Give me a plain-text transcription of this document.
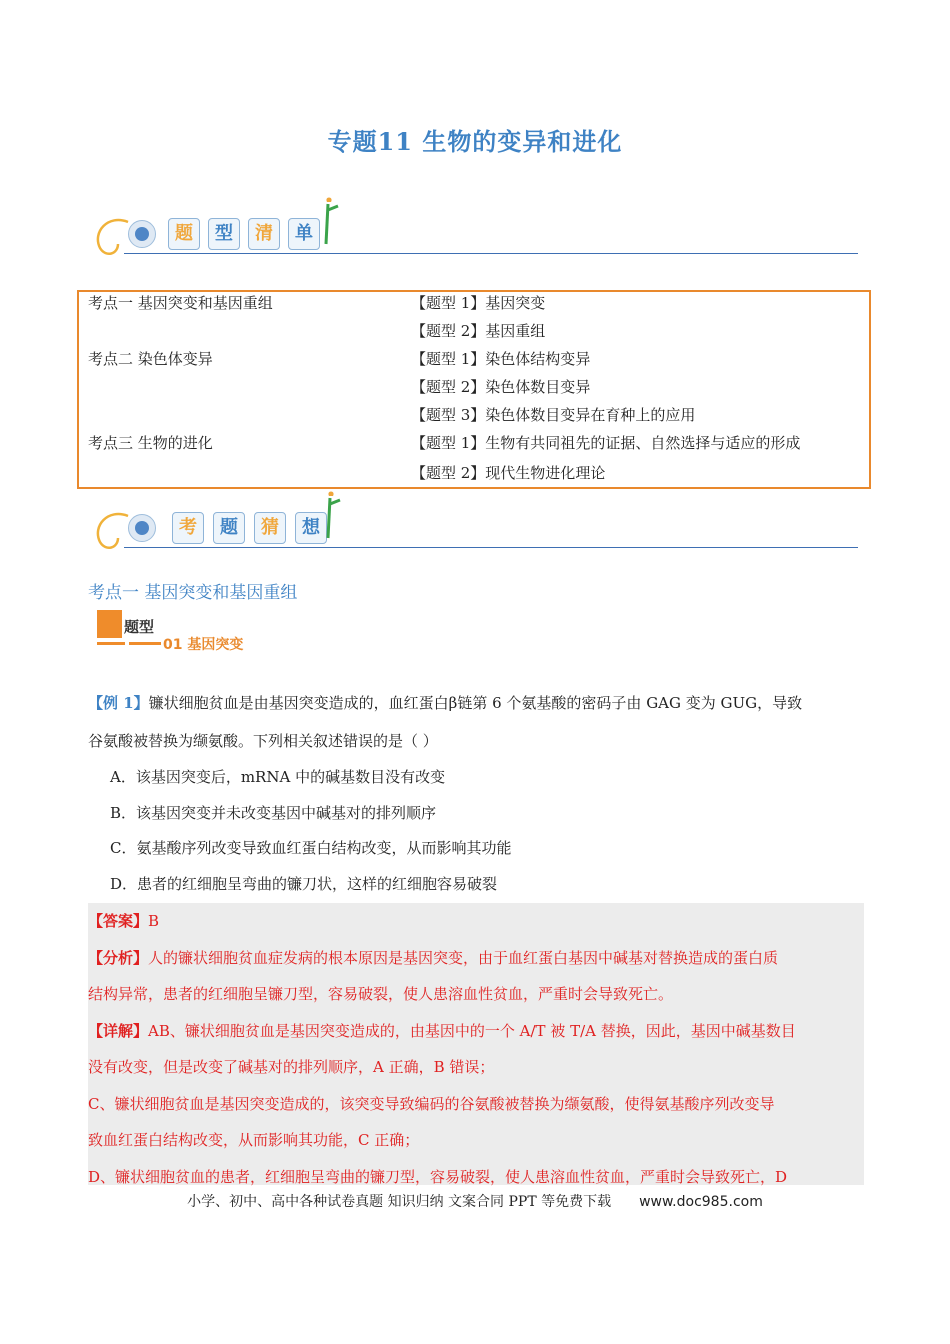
专题11 生物的变异和进化
题	型	清	单
考点一 基因突变和基因重组	【题型 1】基因突变
【题型 2】基因重组
考点二 染色体变异	【题型 1】染色体结构变异
【题型 2】染色体数目变异
【题型 3】染色体数目变异在育种上的应用
考点三 生物的进化	【题型 1】生物有共同祖先的证据、自然选择与适应的形成
【题型 2】现代生物进化理论
考	题	猜	想
考点一 基因突变和基因重组
题型
01 基因突变
【例 1】镰状细胞贫血是由基因突变造成的，血红蛋白β链第 6 个氨基酸的密码子由 GAG 变为 GUG，导致
谷氨酸被替换为缬氨酸。下列相关叙述错误的是（ ）
A．该基因突变后，mRNA 中的碱基数目没有改变
B．该基因突变并未改变基因中碱基对的排列顺序
C．氨基酸序列改变导致血红蛋白结构改变，从而影响其功能
D．患者的红细胞呈弯曲的镰刀状，这样的红细胞容易破裂

【答案】B

【分析】人的镰状细胞贫血症发病的根本原因是基因突变，由于血红蛋白基因中碱基对替换造成的蛋白质

结构异常，患者的红细胞呈镰刀型，容易破裂，使人患溶血性贫血，严重时会导致死亡。

【详解】AB、镰状细胞贫血是基因突变造成的，由基因中的一个 A/T 被 T/A 替换，因此，基因中碱基数目

没有改变，但是改变了碱基对的排列顺序，A 正确，B 错误；

C、镰状细胞贫血是基因突变造成的，该突变导致编码的谷氨酸被替换为缬氨酸，使得氨基酸序列改变导

致血红蛋白结构改变，从而影响其功能，C 正确；

D、镰状细胞贫血的患者，红细胞呈弯曲的镰刀型，容易破裂，使人患溶血性贫血，严重时会导致死亡，D

小学、初中、高中各种试卷真题 知识归纳 文案合同 PPT 等免费下载 www.doc985.com
